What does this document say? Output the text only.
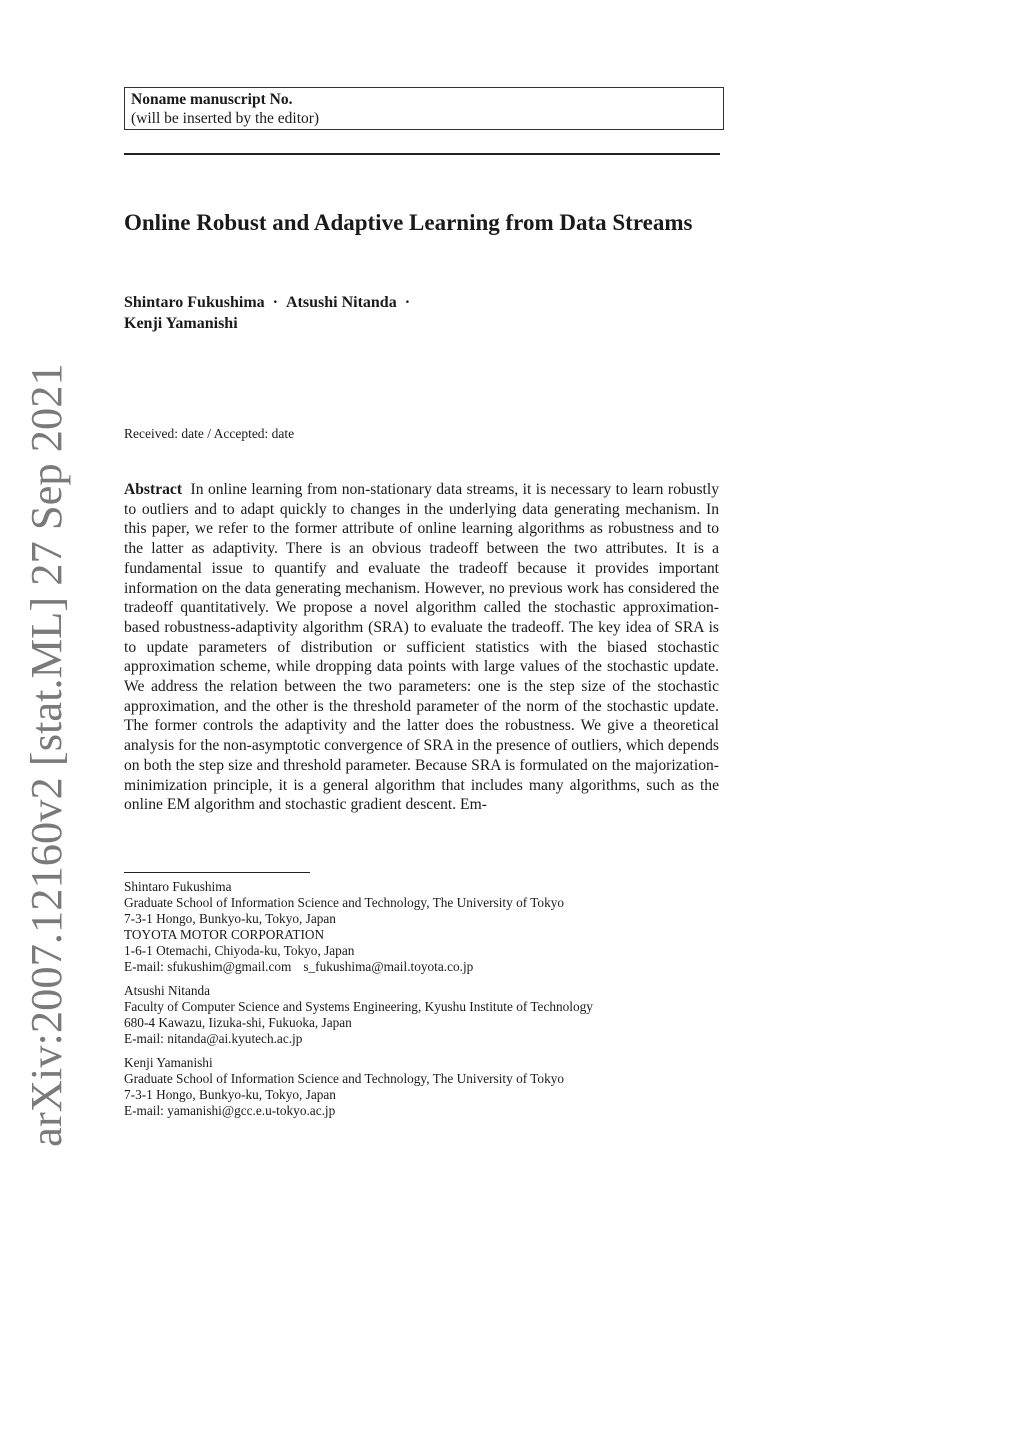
arXiv:2007.12160v2 [stat.ML] 27 Sep 2021
Noname manuscript No.
(will be inserted by the editor)
Online Robust and Adaptive Learning from Data Streams
Shintaro Fukushima · Atsushi Nitanda ·
Kenji Yamanishi
Received: date / Accepted: date
Abstract In online learning from non-stationary data streams, it is necessary to learn robustly to outliers and to adapt quickly to changes in the underlying data generating mechanism. In this paper, we refer to the former attribute of online learning algorithms as robustness and to the latter as adaptivity. There is an obvious tradeoff between the two attributes. It is a fundamental issue to quantify and evaluate the tradeoff because it provides important information on the data generating mechanism. However, no previous work has considered the tradeoff quantitatively. We propose a novel algorithm called the stochastic approximation-based robustness-adaptivity algorithm (SRA) to evaluate the tradeoff. The key idea of SRA is to update parameters of distribution or sufficient statistics with the biased stochastic approximation scheme, while dropping data points with large values of the stochastic update. We address the relation between the two parameters: one is the step size of the stochastic approximation, and the other is the threshold parameter of the norm of the stochastic update. The former controls the adaptivity and the latter does the robustness. We give a theoretical analysis for the non-asymptotic convergence of SRA in the presence of outliers, which depends on both the step size and threshold parameter. Because SRA is formulated on the majorization-minimization principle, it is a general algorithm that includes many algorithms, such as the online EM algorithm and stochastic gradient descent. Em-
Shintaro Fukushima
Graduate School of Information Science and Technology, The University of Tokyo
7-3-1 Hongo, Bunkyo-ku, Tokyo, Japan
TOYOTA MOTOR CORPORATION
1-6-1 Otemachi, Chiyoda-ku, Tokyo, Japan
E-mail: sfukushim@gmail.com s_fukushima@mail.toyota.co.jp
Atsushi Nitanda
Faculty of Computer Science and Systems Engineering, Kyushu Institute of Technology
680-4 Kawazu, Iizuka-shi, Fukuoka, Japan
E-mail: nitanda@ai.kyutech.ac.jp
Kenji Yamanishi
Graduate School of Information Science and Technology, The University of Tokyo
7-3-1 Hongo, Bunkyo-ku, Tokyo, Japan
E-mail: yamanishi@gcc.e.u-tokyo.ac.jp
